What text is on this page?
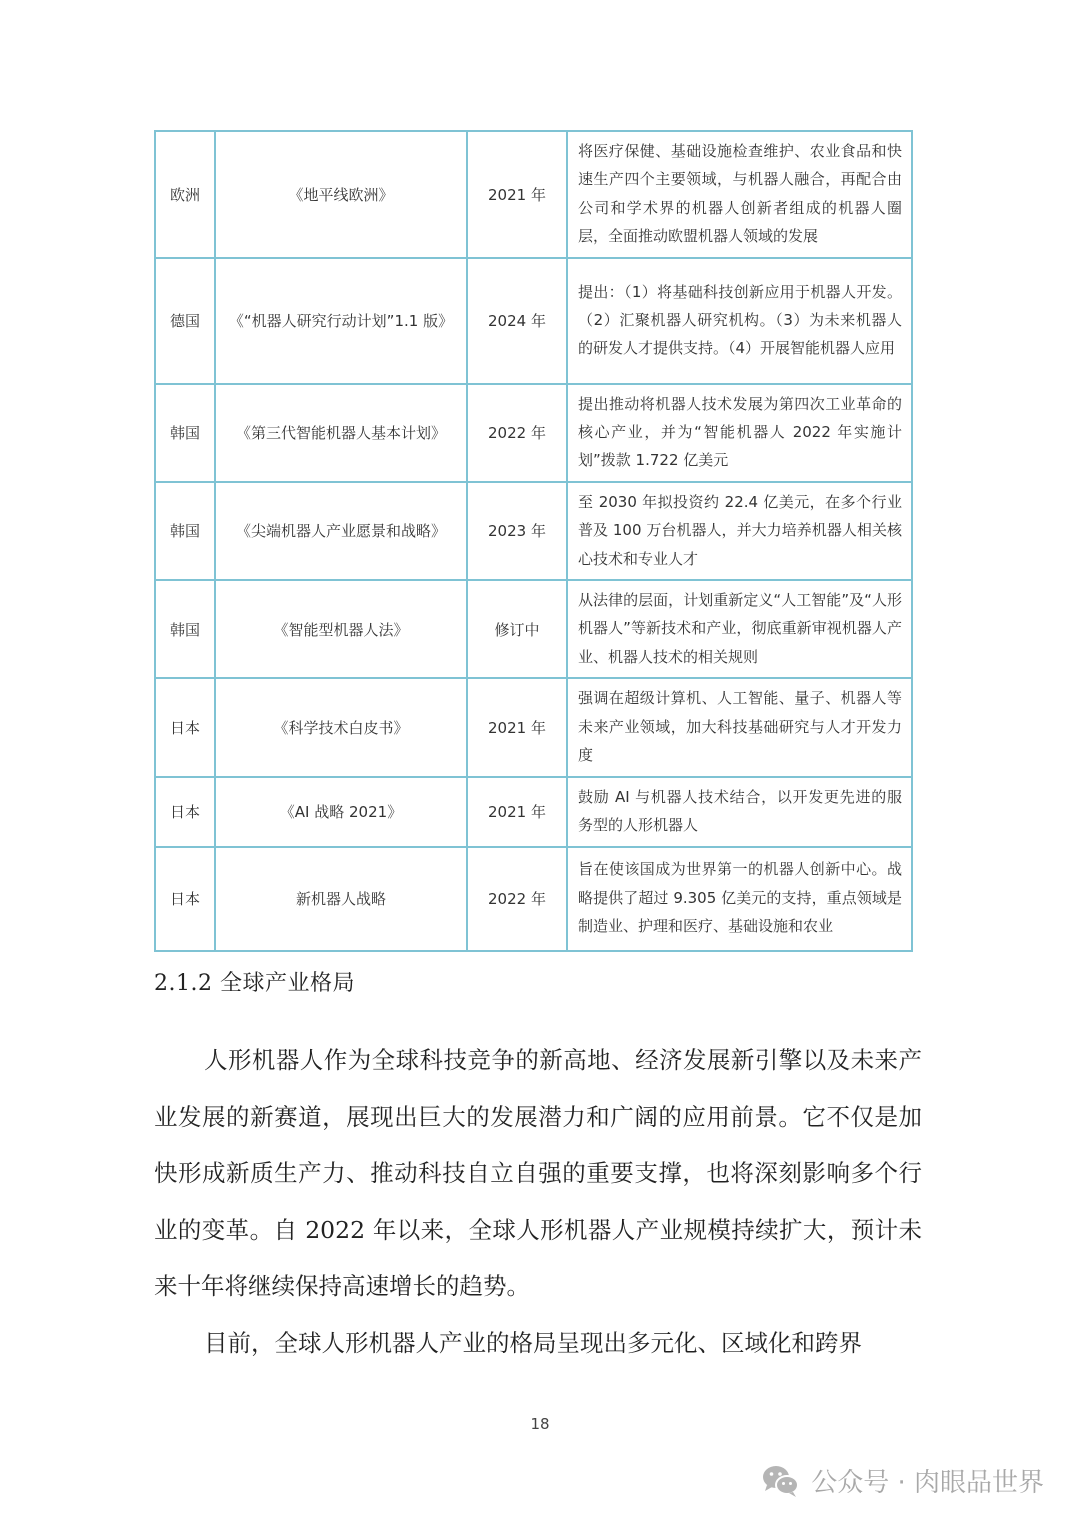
欧洲	《地平线欧洲》	2021 年	将医疗保健、基础设施检查维护、农业食品和快速生产四个主要领域，与机器人融合，再配合由公司和学术界的机器人创新者组成的机器人圈层，全面推动欧盟机器人领域的发展
德国	《“机器人研究行动计划”1.1 版》	2024 年	提出：（1）将基础科技创新应用于机器人开发。（2）汇聚机器人研究机构。（3）为未来机器人的研发人才提供支持。（4）开展智能机器人应用
韩国	《第三代智能机器人基本计划》	2022 年	提出推动将机器人技术发展为第四次工业革命的核心产业，并为“智能机器人 2022 年实施计划”拨款 1.722 亿美元
韩国	《尖端机器人产业愿景和战略》	2023 年	至 2030 年拟投资约 22.4 亿美元，在多个行业普及 100 万台机器人，并大力培养机器人相关核心技术和专业人才
韩国	《智能型机器人法》	修订中	从法律的层面，计划重新定义“人工智能”及“人形机器人”等新技术和产业，彻底重新审视机器人产业、机器人技术的相关规则
日本	《科学技术白皮书》	2021 年	强调在超级计算机、人工智能、量子、机器人等未来产业领域，加大科技基础研究与人才开发力度
日本	《AI 战略 2021》	2021 年	鼓励 AI 与机器人技术结合，以开发更先进的服务型的人形机器人
日本	新机器人战略	2022 年	旨在使该国成为世界第一的机器人创新中心。战略提供了超过 9.305 亿美元的支持，重点领域是制造业、护理和医疗、基础设施和农业
2.1.2 全球产业格局

人形机器人作为全球科技竞争的新高地、经济发展新引擎以及未来产业发展的新赛道，展现出巨大的发展潜力和广阔的应用前景。它不仅是加快形成新质生产力、推动科技自立自强的重要支撑，也将深刻影响多个行业的变革。自 2022 年以来，全球人形机器人产业规模持续扩大，预计未来十年将继续保持高速增长的趋势。

目前，全球人形机器人产业的格局呈现出多元化、区域化和跨界

18
公众号 · 肉眼品世界
